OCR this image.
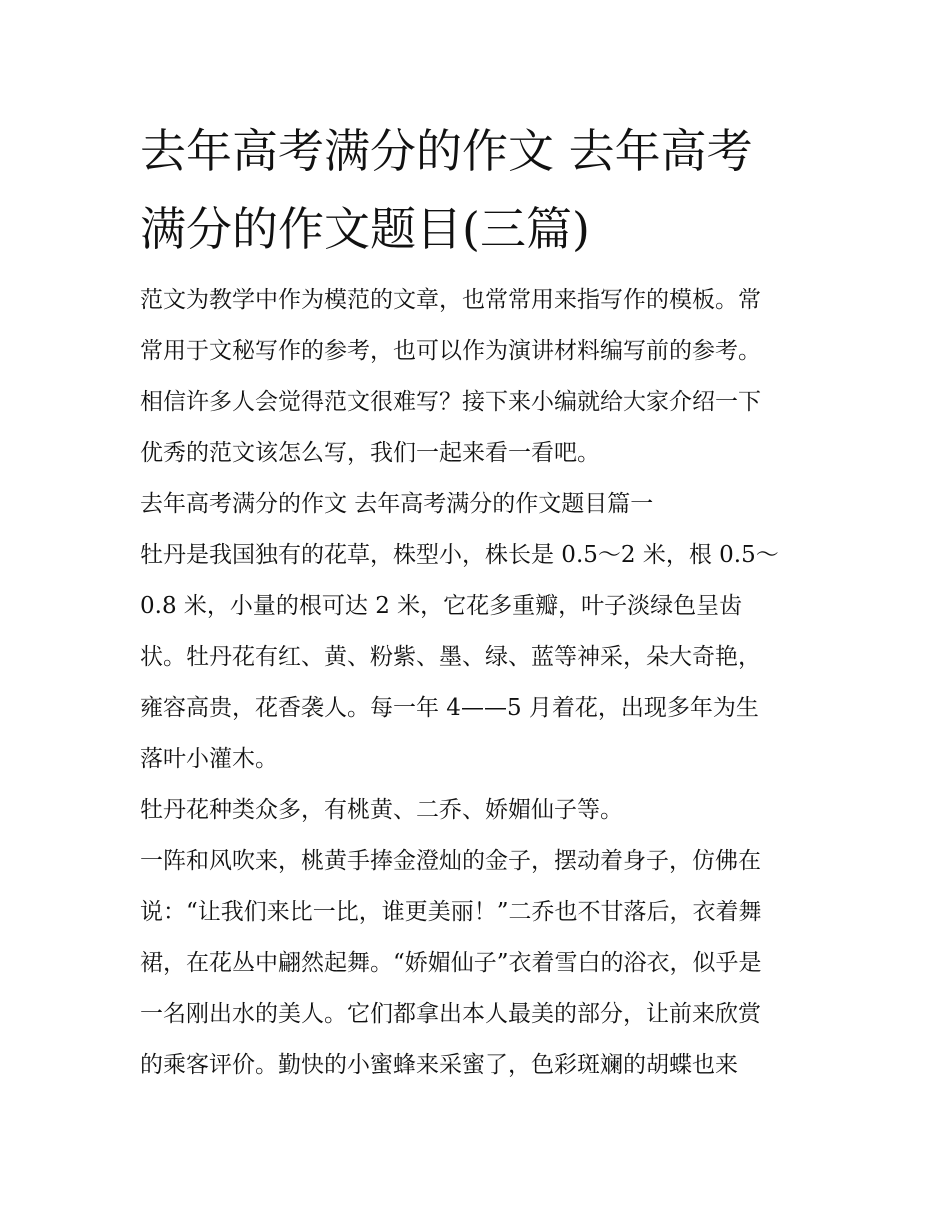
去年高考满分的作文 去年高考
满分的作文题目(三篇)

范文为教学中作为模范的文章，也常常用来指写作的模板。常
常用于文秘写作的参考，也可以作为演讲材料编写前的参考。
相信许多人会觉得范文很难写？接下来小编就给大家介绍一下
优秀的范文该怎么写，我们一起来看一看吧。

去年高考满分的作文 去年高考满分的作文题目篇一

牡丹是我国独有的花草，株型小，株长是 0.5～2 米，根 0.5～
0.8 米，小量的根可达 2 米，它花多重瓣，叶子淡绿色呈齿
状。牡丹花有红、黄、粉紫、墨、绿、蓝等神采，朵大奇艳，
雍容高贵，花香袭人。每一年 4——5 月着花，出现多年为生
落叶小灌木。

牡丹花种类众多，有桃黄、二乔、娇媚仙子等。

一阵和风吹来，桃黄手捧金澄灿的金子，摆动着身子，仿佛在
说：“让我们来比一比，谁更美丽！”二乔也不甘落后，衣着舞
裙，在花丛中翩然起舞。“娇媚仙子”衣着雪白的浴衣，似乎是
一名刚出水的美人。它们都拿出本人最美的部分，让前来欣赏
的乘客评价。勤快的小蜜蜂来采蜜了，色彩斑斓的胡蝶也来
